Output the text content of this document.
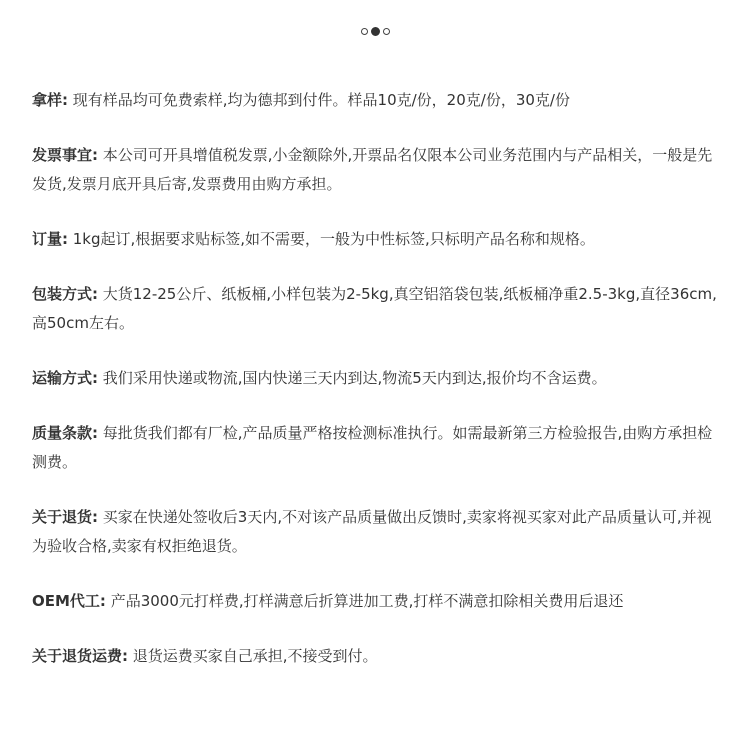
拿样: 现有样品均可免费索样,均为德邦到付件。样品10克/份，20克/份，30克/份

发票事宜: 本公司可开具增值税发票,小金额除外,开票品名仅限本公司业务范围内与产品相关，一般是先发货,发票月底开具后寄,发票费用由购方承担。

订量: 1kg起订,根据要求贴标签,如不需要，一般为中性标签,只标明产品名称和规格。

包装方式: 大货12-25公斤、纸板桶,小样包装为2-5kg,真空铝箔袋包装,纸板桶净重2.5-3kg,直径36cm,高50cm左右。

运输方式: 我们采用快递或物流,国内快递三天内到达,物流5天内到达,报价均不含运费。

质量条款: 每批货我们都有厂检,产品质量严格按检测标准执行。如需最新第三方检验报告,由购方承担检测费。

关于退货: 买家在快递处签收后3天内,不对该产品质量做出反馈时,卖家将视买家对此产品质量认可,并视为验收合格,卖家有权拒绝退货。

OEM代工: 产品3000元打样费,打样满意后折算进加工费,打样不满意扣除相关费用后退还

关于退货运费: 退货运费买家自己承担,不接受到付。
